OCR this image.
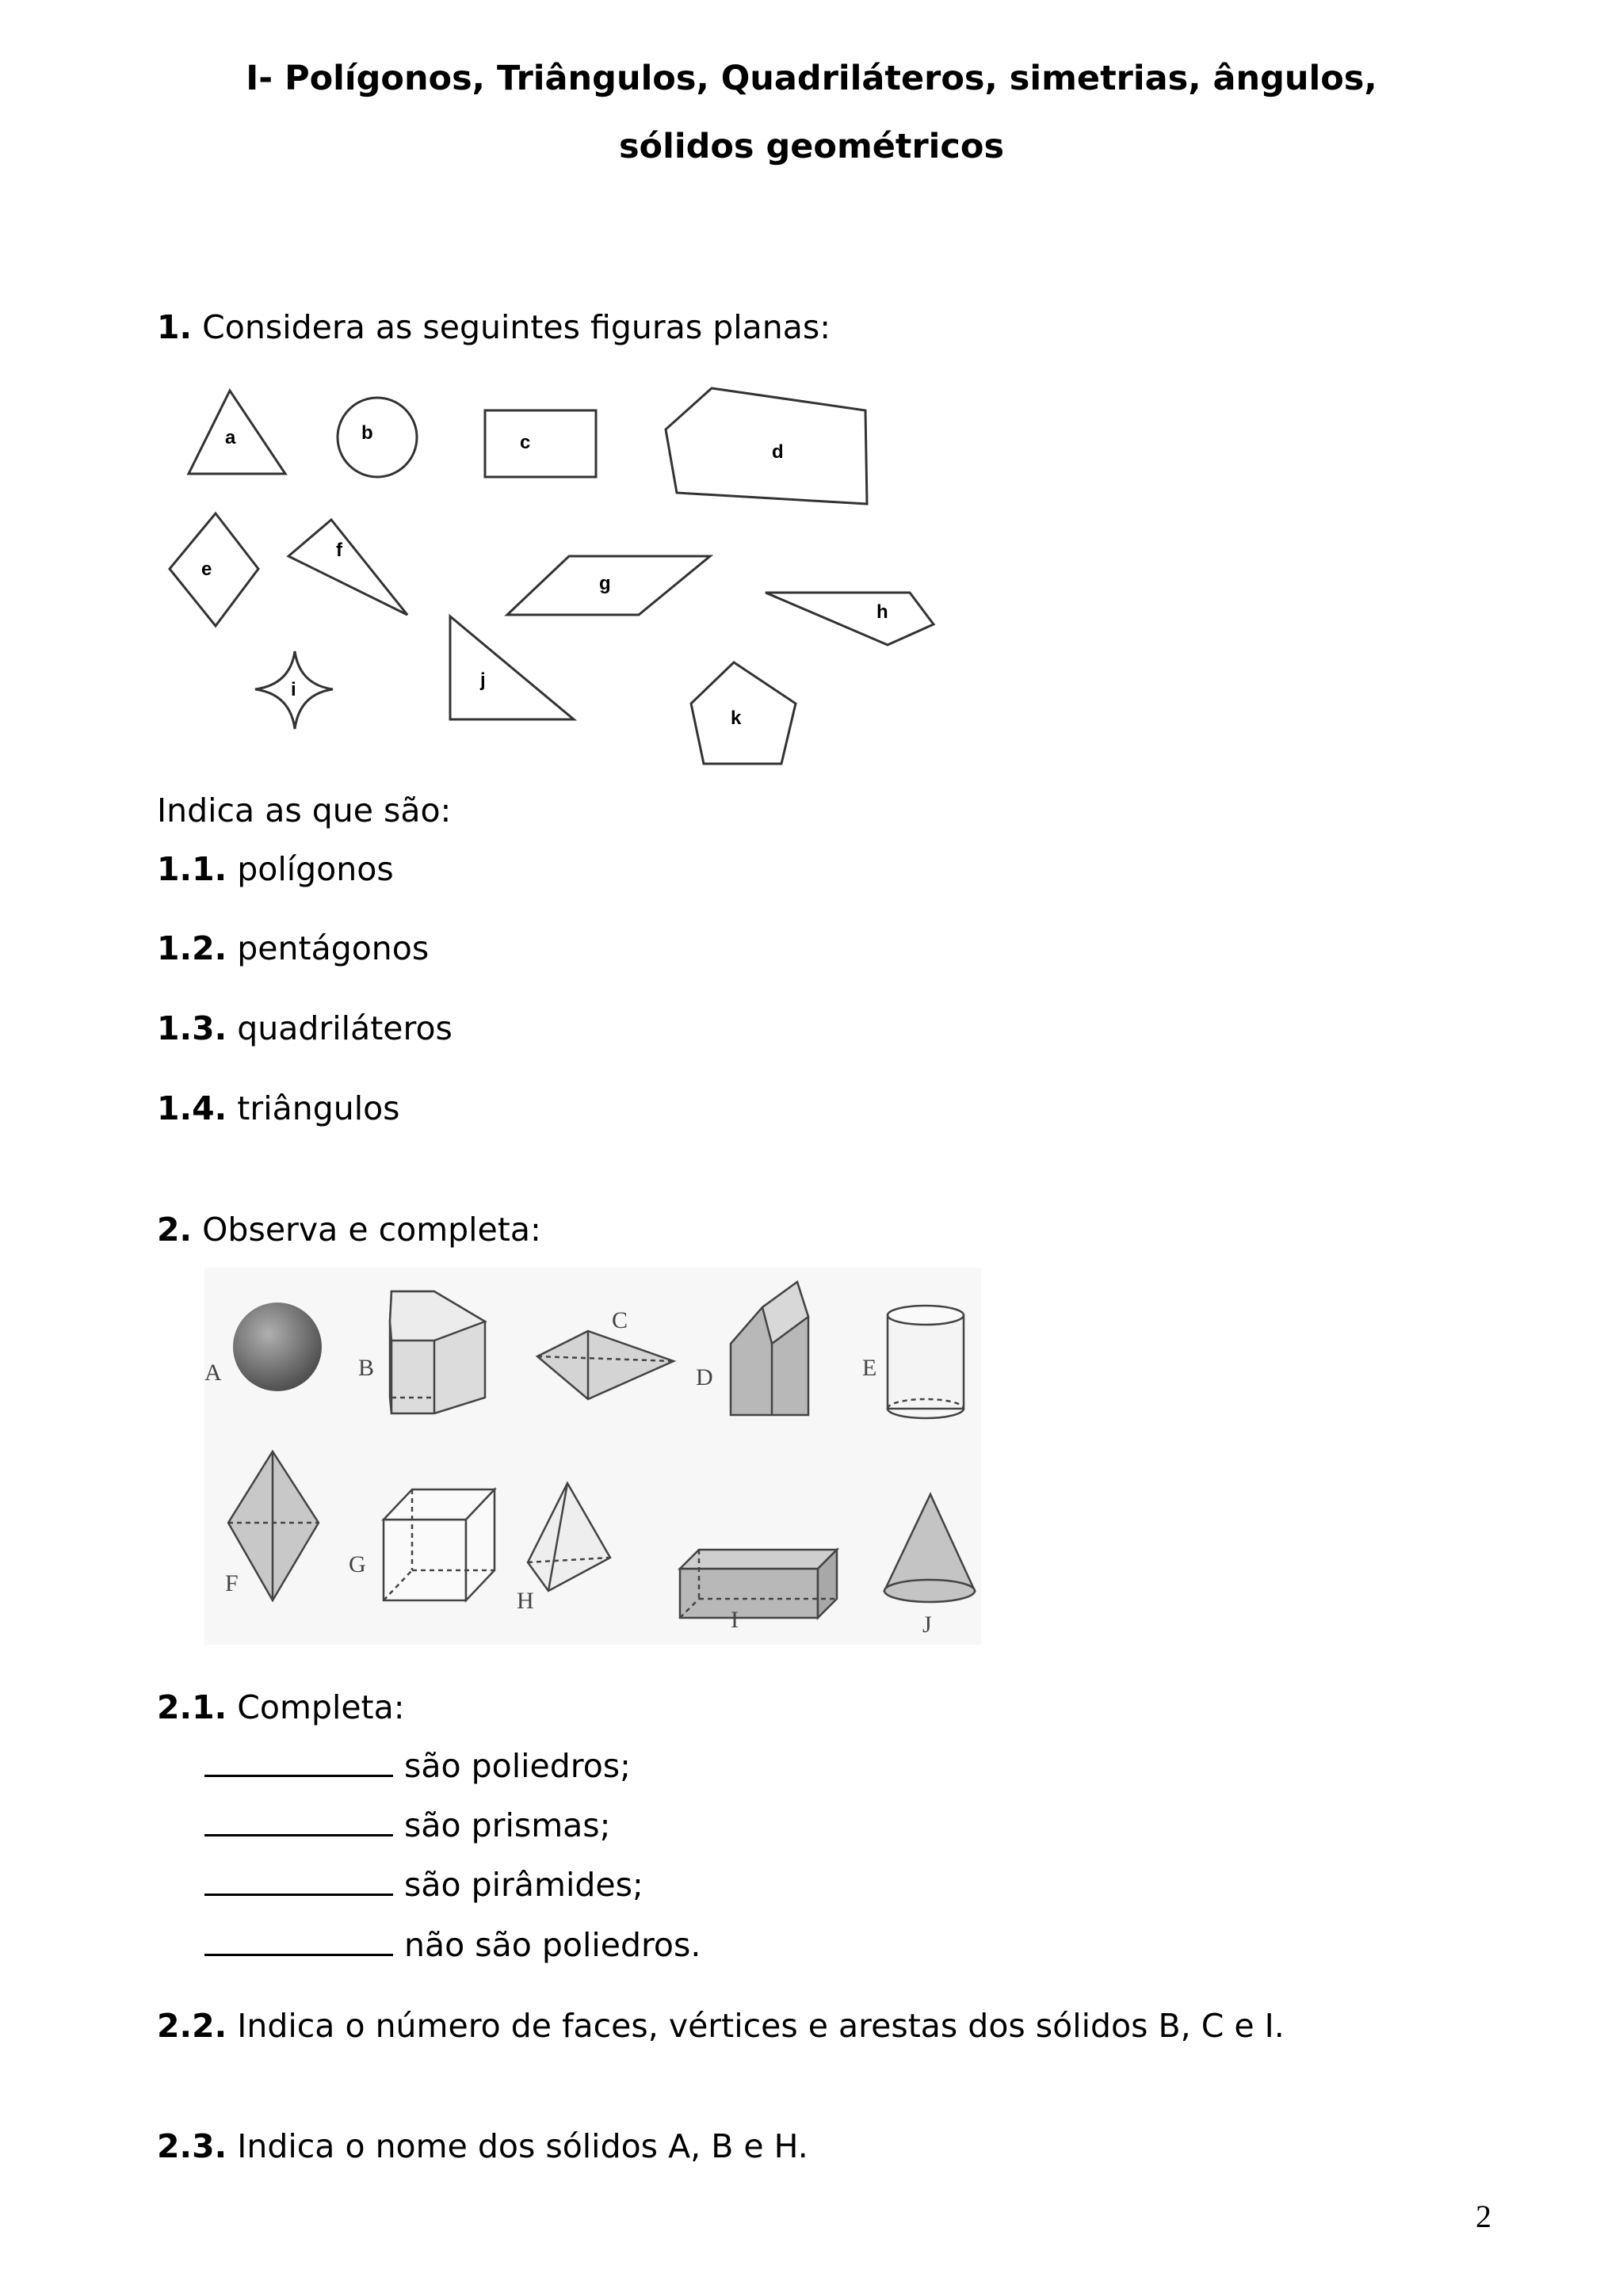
I- Polígonos, Triângulos, Quadriláteros, simetrias, ângulos,
sólidos geométricos
1. Considera as seguintes figuras planas:
a	b	c	d
e
f
g
h
i	j
k
Indica as que são:
1.1. polígonos
1.2. pentágonos
1.3. quadriláteros
1.4. triângulos
2. Observa e completa:
A	B
C
D	E
F
G
H
I	J
2.1. Completa:
são poliedros;
são prismas;
são pirâmides;
não são poliedros.
2.2. Indica o número de faces, vértices e arestas dos sólidos B, C e I.
2.3. Indica o nome dos sólidos A, B e H.
2
